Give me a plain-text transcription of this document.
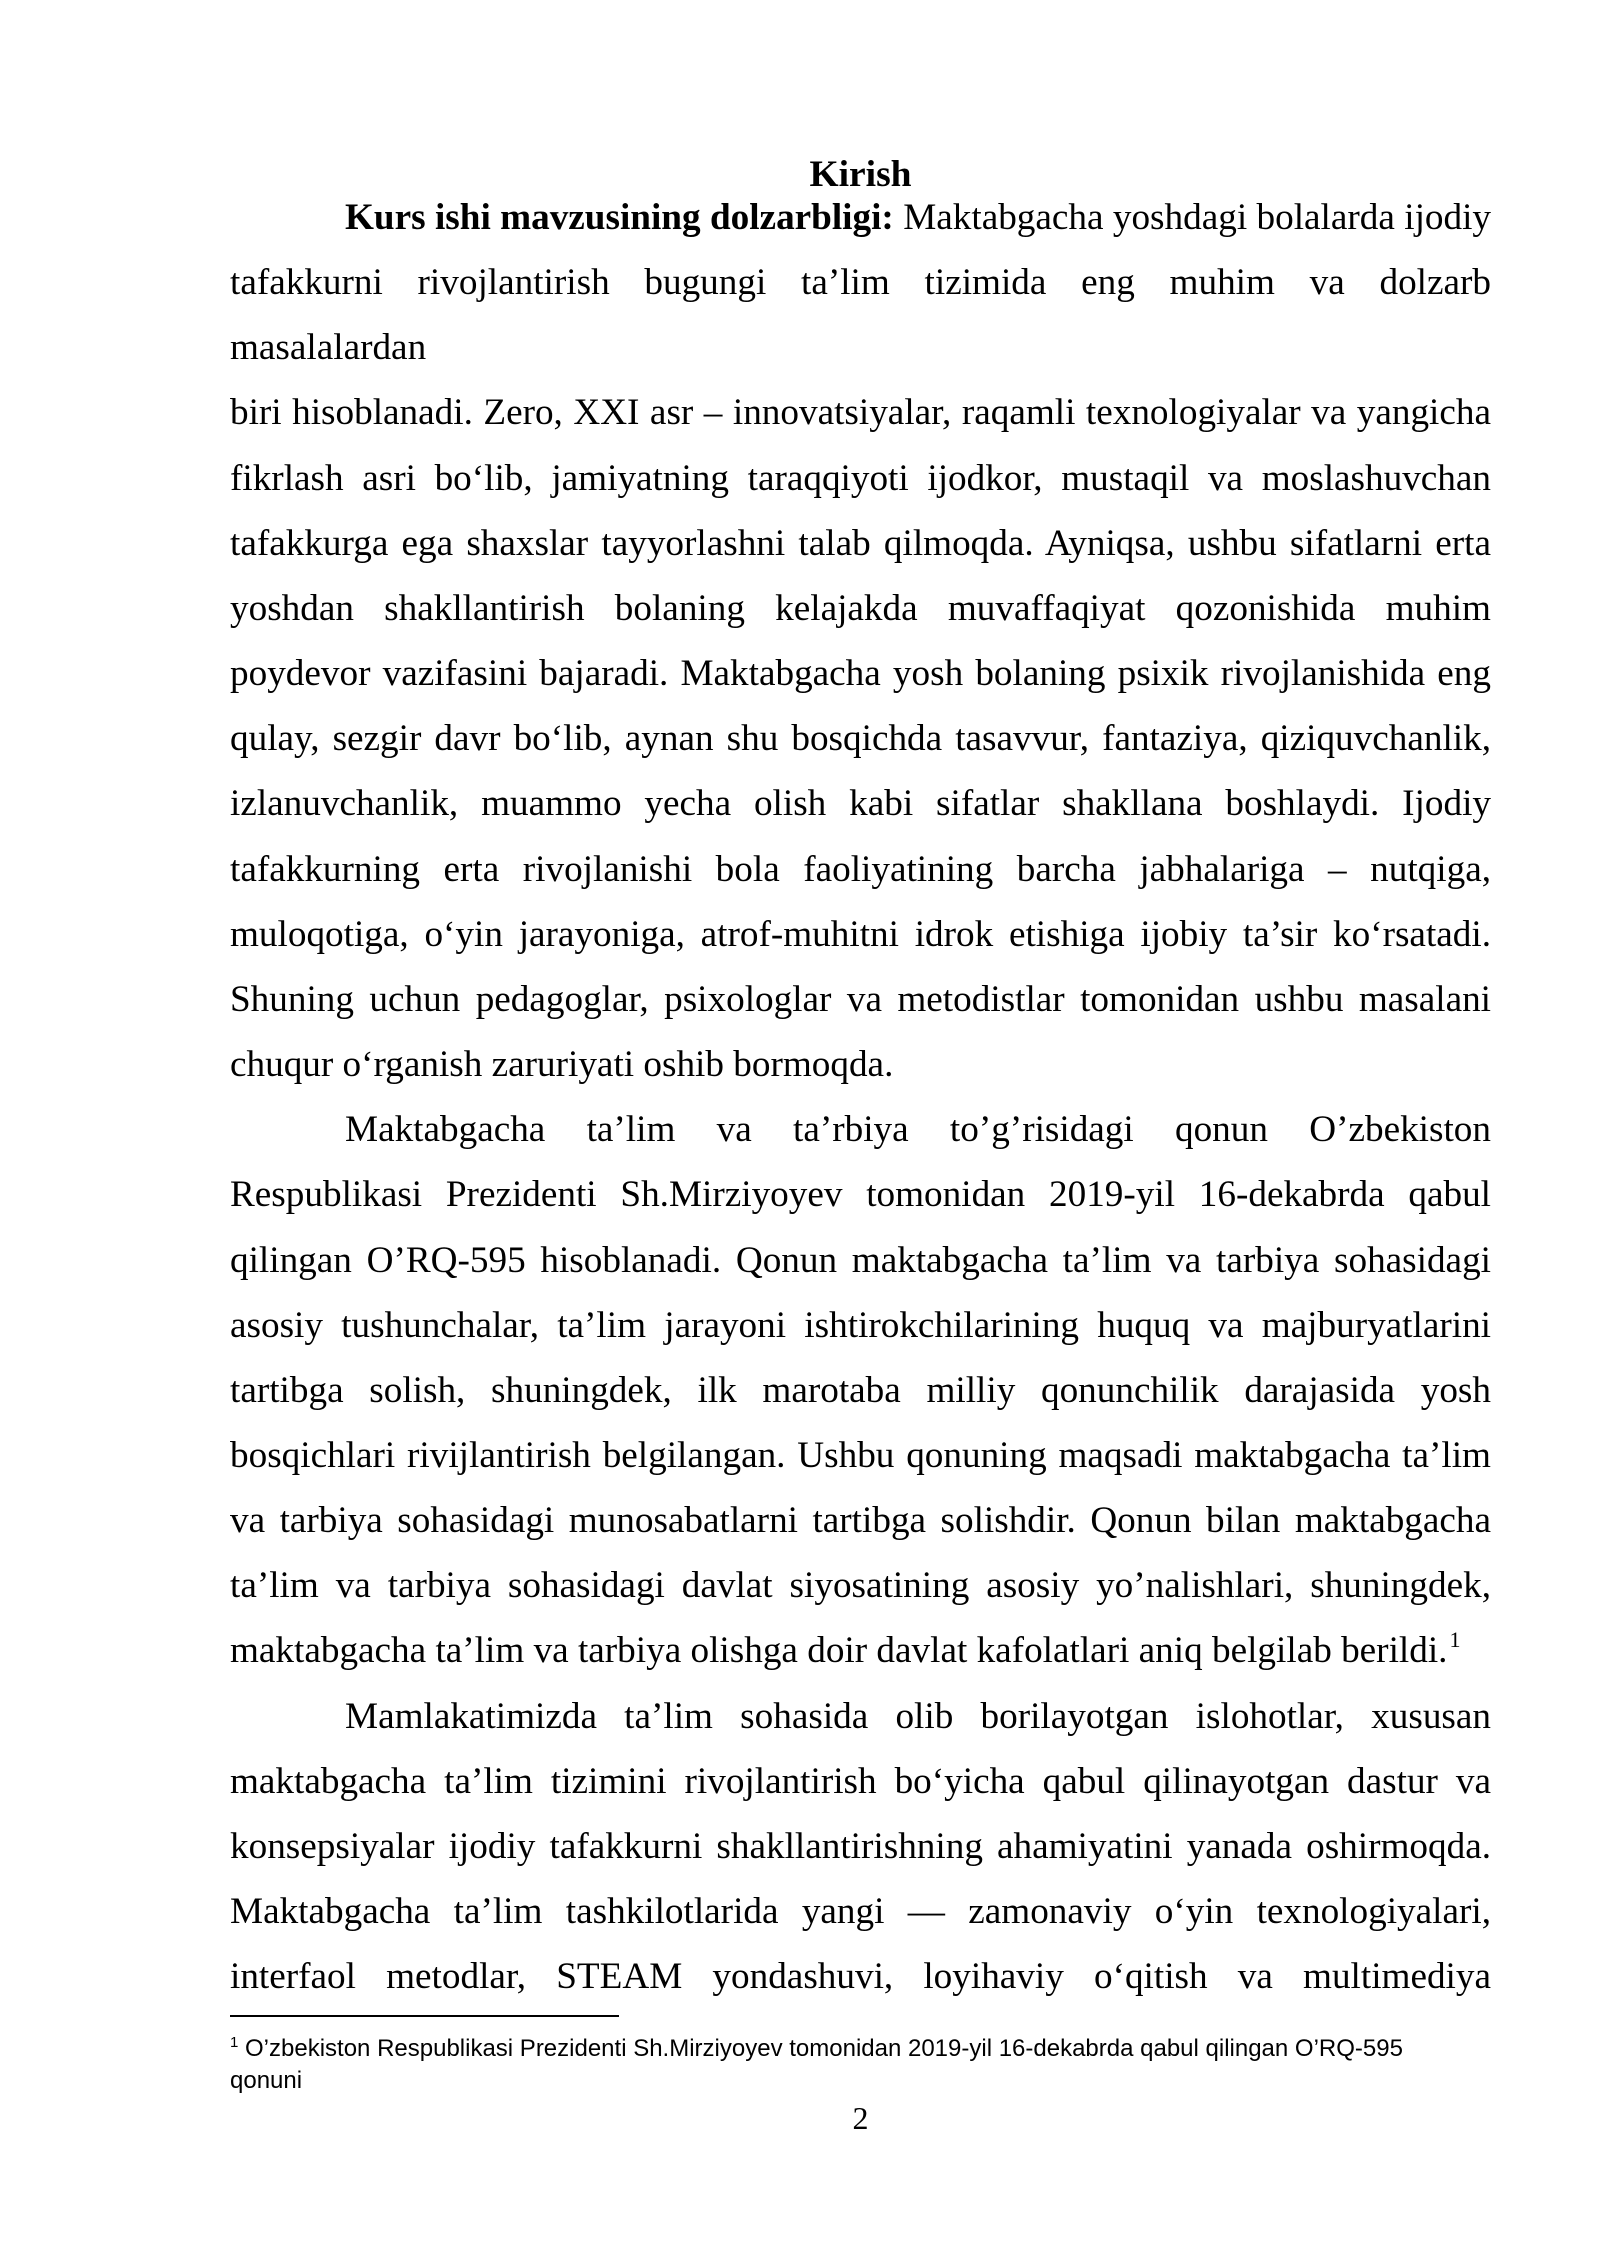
Kirish
Kurs ishi mavzusining dolzarbligi: Maktabgacha yoshdagi bolalarda ijodiy
tafakkurni rivojlantirish bugungi ta’lim tizimida eng muhim va dolzarb masalalardan
biri hisoblanadi. Zero, XXI asr – innovatsiyalar, raqamli texnologiyalar va yangicha
fikrlash asri bo‘lib, jamiyatning taraqqiyoti ijodkor, mustaqil va moslashuvchan
tafakkurga ega shaxslar tayyorlashni talab qilmoqda. Ayniqsa, ushbu sifatlarni erta
yoshdan shakllantirish bolaning kelajakda muvaffaqiyat qozonishida muhim
poydevor vazifasini bajaradi. Maktabgacha yosh bolaning psixik rivojlanishida eng
qulay, sezgir davr bo‘lib, aynan shu bosqichda tasavvur, fantaziya, qiziquvchanlik,
izlanuvchanlik, muammo yecha olish kabi sifatlar shakllana boshlaydi. Ijodiy
tafakkurning erta rivojlanishi bola faoliyatining barcha jabhalariga – nutqiga,
muloqotiga, o‘yin jarayoniga, atrof-muhitni idrok etishiga ijobiy ta’sir ko‘rsatadi.
Shuning uchun pedagoglar, psixologlar va metodistlar tomonidan ushbu masalani
chuqur o‘rganish zaruriyati oshib bormoqda.
Maktabgacha ta’lim va ta’rbiya to’g’risidagi qonun O’zbekiston
Respublikasi Prezidenti Sh.Mirziyoyev tomonidan 2019-yil 16-dekabrda qabul
qilingan O’RQ-595 hisoblanadi. Qonun maktabgacha ta’lim va tarbiya sohasidagi
asosiy tushunchalar, ta’lim jarayoni ishtirokchilarining huquq va majburyatlarini
tartibga solish, shuningdek, ilk marotaba milliy qonunchilik darajasida yosh
bosqichlari rivijlantirish belgilangan. Ushbu qonuning maqsadi maktabgacha ta’lim
va tarbiya sohasidagi munosabatlarni tartibga solishdir. Qonun bilan maktabgacha
ta’lim va tarbiya sohasidagi davlat siyosatining asosiy yo’nalishlari, shuningdek,
maktabgacha ta’lim va tarbiya olishga doir davlat kafolatlari aniq belgilab berildi.$^1$
Mamlakatimizda ta’lim sohasida olib borilayotgan islohotlar, xususan
maktabgacha ta’lim tizimini rivojlantirish bo‘yicha qabul qilinayotgan dastur va
konsepsiyalar ijodiy tafakkurni shakllantirishning ahamiyatini yanada oshirmoqda.
Maktabgacha ta’lim tashkilotlarida yangi — zamonaviy o‘yin texnologiyalari,
interfaol metodlar, STEAM yondashuvi, loyihaviy o‘qitish va multimediya
$^1$ O’zbekiston Respublikasi Prezidenti Sh.Mirziyoyev tomonidan 2019-yil 16-dekabrda qabul qilingan O’RQ-595
qonuni
2
